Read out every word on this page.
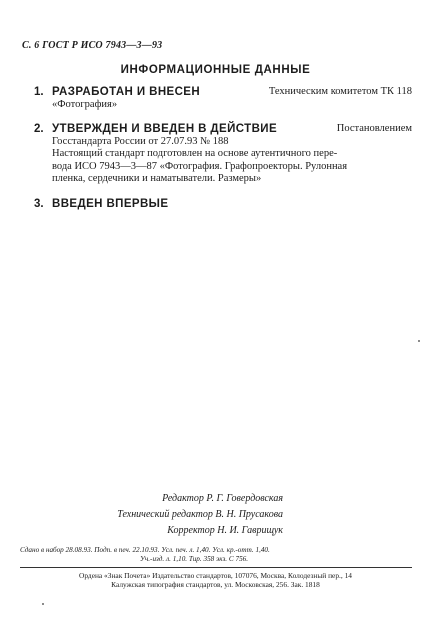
С. 6 ГОСТ Р ИСО 7943—3—93
ИНФОРМАЦИОННЫЕ ДАННЫЕ
1. РАЗРАБОТАН И ВНЕСЕН	Техническим комитетом ТК 118
«Фотография»
2. УТВЕРЖДЕН И ВВЕДЕН В ДЕЙСТВИЕ	Постановлением
Госстандарта России от 27.07.93 № 188
Настоящий стандарт подготовлен на основе аутентичного пере-
вода ИСО 7943—3—87 «Фотография. Графопроекторы. Рулонная
пленка, сердечники и наматыватели. Размеры»
3. ВВЕДЕН ВПЕРВЫЕ
Редактор Р. Г. Говердовская
Технический редактор В. Н. Прусакова
Корректор Н. И. Гаврищук
Сдано в набор 28.08.93. Подп. в печ. 22.10.93. Усл. печ. л. 1,40. Усл. кр.-отт. 1,40.
Уч.-изд. л. 1,10. Тир. 358 экз. С 756.
Ордена «Знак Почета» Издательство стандартов, 107076, Москва, Колодезный пер., 14
Калужская типография стандартов, ул. Московская, 256. Зак. 1818
